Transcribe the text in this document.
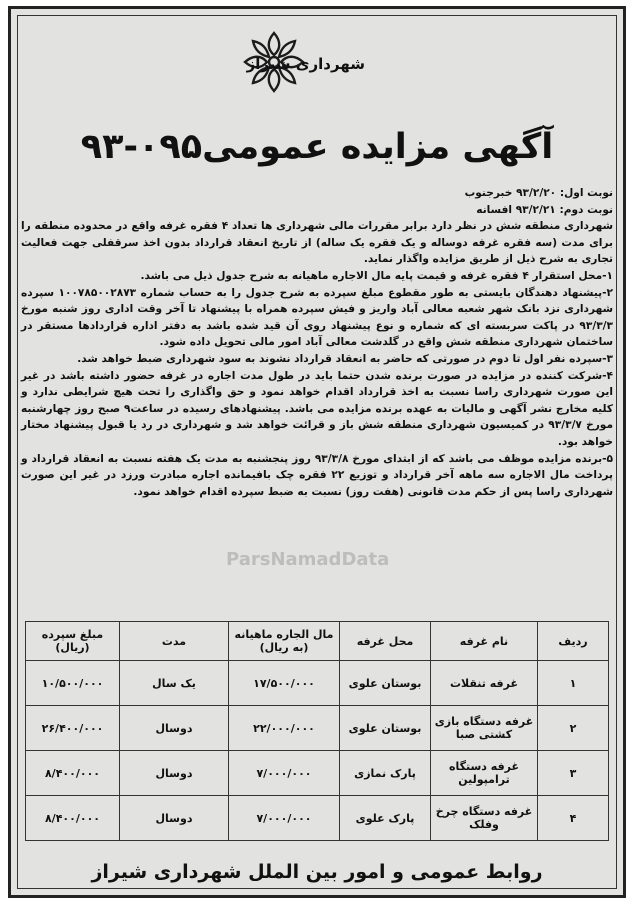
شهرداری شیراز
آگهی مزایده عمومی۰۹۵-۹۳
ParsNamadData

نوبت اول: ۹۳/۲/۲۰ خبرجنوب

نوبت دوم: ۹۳/۲/۲۱ افسانه

شهرداری منطقه شش در نظر دارد برابر مقررات مالی شهرداری ها تعداد ۴ فقره غرفه واقع در محدوده منطقه را برای مدت (سه فقره غرفه دوساله و یک فقره یک ساله) از تاریخ انعقاد قرارداد بدون اخذ سرقفلی جهت فعالیت تجاری به شرح ذیل از طریق مزایده واگذار نماید.

۱-محل استقرار ۴ فقره غرفه و قیمت پایه مال الاجاره ماهیانه به شرح جدول ذیل می باشد.

۲-پیشنهاد دهندگان بایستی به طور مقطوع مبلغ سپرده به شرح جدول را به حساب شماره ۱۰۰۷۸۵۰۰۲۸۷۳ سپرده شهرداری نزد بانک شهر شعبه معالی آباد واریز و فیش سپرده همراه با پیشنهاد تا آخر وقت اداری روز شنبه مورخ ۹۳/۳/۳ در پاکت سربسته ای که شماره و نوع پیشنهاد روی آن قید شده باشد به دفتر اداره قراردادها مستقر در ساختمان شهرداری منطقه شش واقع در گلدشت معالی آباد امور مالی تحویل داده شود.

۳-سپرده نفر اول تا دوم در صورتی که حاضر به انعقاد قرارداد نشوند به سود شهرداری ضبط خواهد شد.

۴-شرکت کننده در مزایده در صورت برنده شدن حتما باید در طول مدت اجاره در غرفه حضور داشته باشد در غیر این صورت شهرداری راسا نسبت به اخذ قرارداد اقدام خواهد نمود و حق واگذاری را تحت هیچ شرایطی ندارد و کلیه مخارج نشر آگهی و مالیات به عهده برنده مزایده می باشد. پیشنهادهای رسیده در ساعت۹ صبح روز چهارشنبه مورخ ۹۳/۳/۷ در کمیسیون شهرداری منطقه شش باز و قرائت خواهد شد و شهرداری در رد یا قبول پیشنهاد مختار خواهد بود.

۵-برنده مزایده موظف می باشد که از ابتدای مورخ ۹۳/۳/۸ روز پنجشنبه به مدت یک هفته نسبت به انعقاد قرارداد و پرداخت مال الاجاره سه ماهه آخر قرارداد و توزیع ۲۲ فقره چک بافیمانده اجاره مبادرت ورزد در غیر این صورت شهرداری راسا پس از حکم مدت قانونی (هفت روز) نسبت به ضبط سپرده اقدام خواهد نمود.

ردیف	نام غرفه	محل غرفه	مال الجاره ماهیانه (به ریال)	مدت	مبلغ سپرده (ریال)
۱	غرفه تنقلات	بوستان علوی	۱۷/۵۰۰/۰۰۰	یک سال	۱۰/۵۰۰/۰۰۰
۲	غرفه دستگاه بازی کشتی صبا	بوستان علوی	۲۲/۰۰۰/۰۰۰	دوسال	۲۶/۴۰۰/۰۰۰
۳	غرفه دستگاه ترامپولین	پارک نمازی	۷/۰۰۰/۰۰۰	دوسال	۸/۴۰۰/۰۰۰
۴	غرفه دستگاه چرخ وفلک	پارک علوی	۷/۰۰۰/۰۰۰	دوسال	۸/۴۰۰/۰۰۰
روابط عمومی و امور بین الملل شهرداری شیراز
